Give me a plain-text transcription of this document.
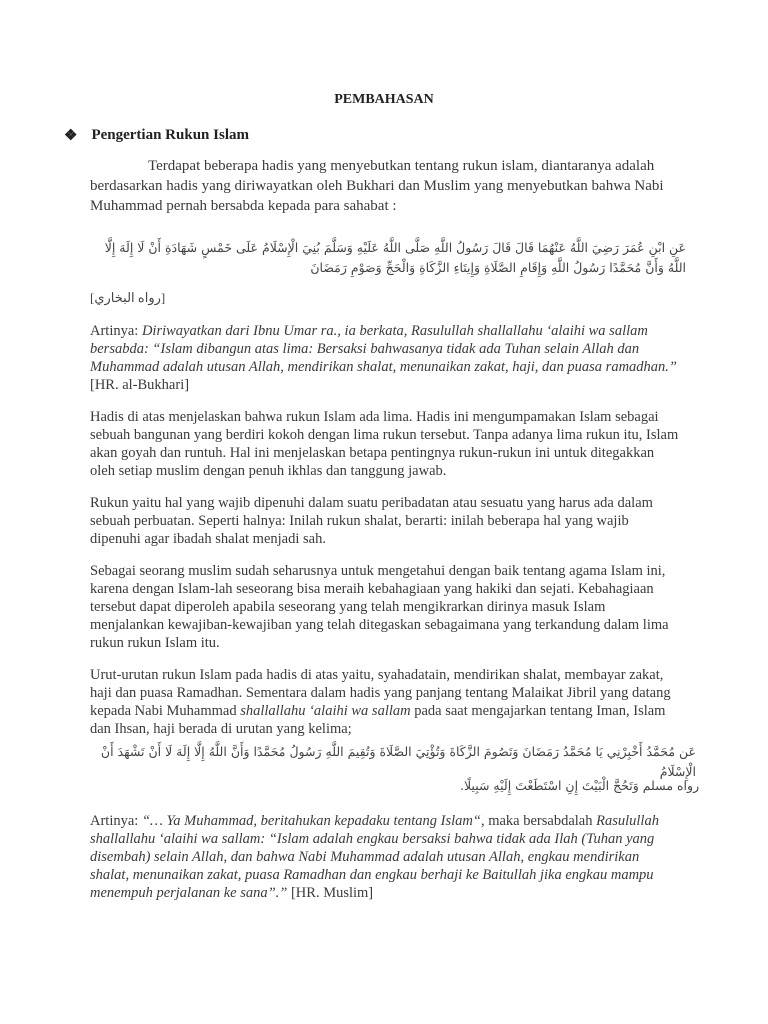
PEMBAHASAN
❖ Pengertian Rukun Islam
Terdapat beberapa hadis yang menyebutkan tentang rukun islam, diantaranya adalah berdasarkan hadis yang diriwayatkan oleh Bukhari dan Muslim yang menyebutkan bahwa Nabi Muhammad pernah bersabda kepada para sahabat :
عَنِ ابْنِ عُمَرَ رَضِيَ اللَّهُ عَنْهُمَا قَالَ قَالَ رَسُولُ اللَّهِ صَلَّى اللَّهُ عَلَيْهِ وَسَلَّمَ بُنِيَ الْإِسْلَامُ عَلَى خَمْسٍ شَهَادَةِ أَنْ لَا إِلَهَ إِلَّا اللَّهُ وَأَنَّ مُحَمَّدًا رَسُولُ اللَّهِ وَإِقَامِ الصَّلَاةِ وَإِيتَاءِ الزَّكَاةِ وَالْحَجِّ وَصَوْمِ رَمَضَانَ
[رواه البخاري]
Artinya: Diriwayatkan dari Ibnu Umar ra., ia berkata, Rasulullah shallallahu ‘alaihi wa sallam bersabda: “Islam dibangun atas lima: Bersaksi bahwasanya tidak ada Tuhan selain Allah dan Muhammad adalah utusan Allah, mendirikan shalat, menunaikan zakat, haji, dan puasa ramadhan.” [HR. al-Bukhari]
Hadis di atas menjelaskan bahwa rukun Islam ada lima. Hadis ini mengumpamakan Islam sebagai sebuah bangunan yang berdiri kokoh dengan lima rukun tersebut. Tanpa adanya lima rukun itu, Islam akan goyah dan runtuh. Hal ini menjelaskan betapa pentingnya rukun-rukun ini untuk ditegakkan oleh setiap muslim dengan penuh ikhlas dan tanggung jawab.
Rukun yaitu hal yang wajib dipenuhi dalam suatu peribadatan atau sesuatu yang harus ada dalam sebuah perbuatan. Seperti halnya: Inilah rukun shalat, berarti: inilah beberapa hal yang wajib dipenuhi agar ibadah shalat menjadi sah.
Sebagai seorang muslim sudah seharusnya untuk mengetahui dengan baik tentang agama Islam ini, karena dengan Islam-lah seseorang bisa meraih kebahagiaan yang hakiki dan sejati. Kebahagiaan tersebut dapat diperoleh apabila seseorang yang telah mengikrarkan dirinya masuk Islam menjalankan kewajiban-kewajiban yang telah ditegaskan sebagaimana yang terkandung dalam lima rukun rukun Islam itu.
Urut-urutan rukun Islam pada hadis di atas yaitu, syahadatain, mendirikan shalat, membayar zakat, haji dan puasa Ramadhan. Sementara dalam hadis yang panjang tentang Malaikat Jibril yang datang kepada Nabi Muhammad shallallahu ‘alaihi wa sallam pada saat mengajarkan tentang Iman, Islam dan Ihsan, haji berada di urutan yang kelima;
عَن مُحَمَّدُ أَخْبِرْنِي يَا مُحَمَّدُ رَمَضَانَ وَتَصُومَ الزَّكَاةَ وَتُؤْتِيَ الصَّلَاةَ وَتُقِيمَ اللَّهِ رَسُولُ مُحَمَّدًا وَأَنَّ اللَّهُ إِلَّا إِلَهَ لَا أَنْ تَشْهَدَ أَنْ الْإِسْلَامُ
رواه مسلم وَتَحُجَّ الْبَيْتَ إِنِ اسْتَطَعْتَ إِلَيْهِ سَبِيلًا.
Artinya: “… Ya Muhammad, beritahukan kepadaku tentang Islam“, maka bersabdalah Rasulullah shallallahu ‘alaihi wa sallam: “Islam adalah engkau bersaksi bahwa tidak ada Ilah (Tuhan yang disembah) selain Allah, dan bahwa Nabi Muhammad adalah utusan Allah, engkau mendirikan shalat, menunaikan zakat, puasa Ramadhan dan engkau berhaji ke Baitullah jika engkau mampu menempuh perjalanan ke sana”.” [HR. Muslim]
